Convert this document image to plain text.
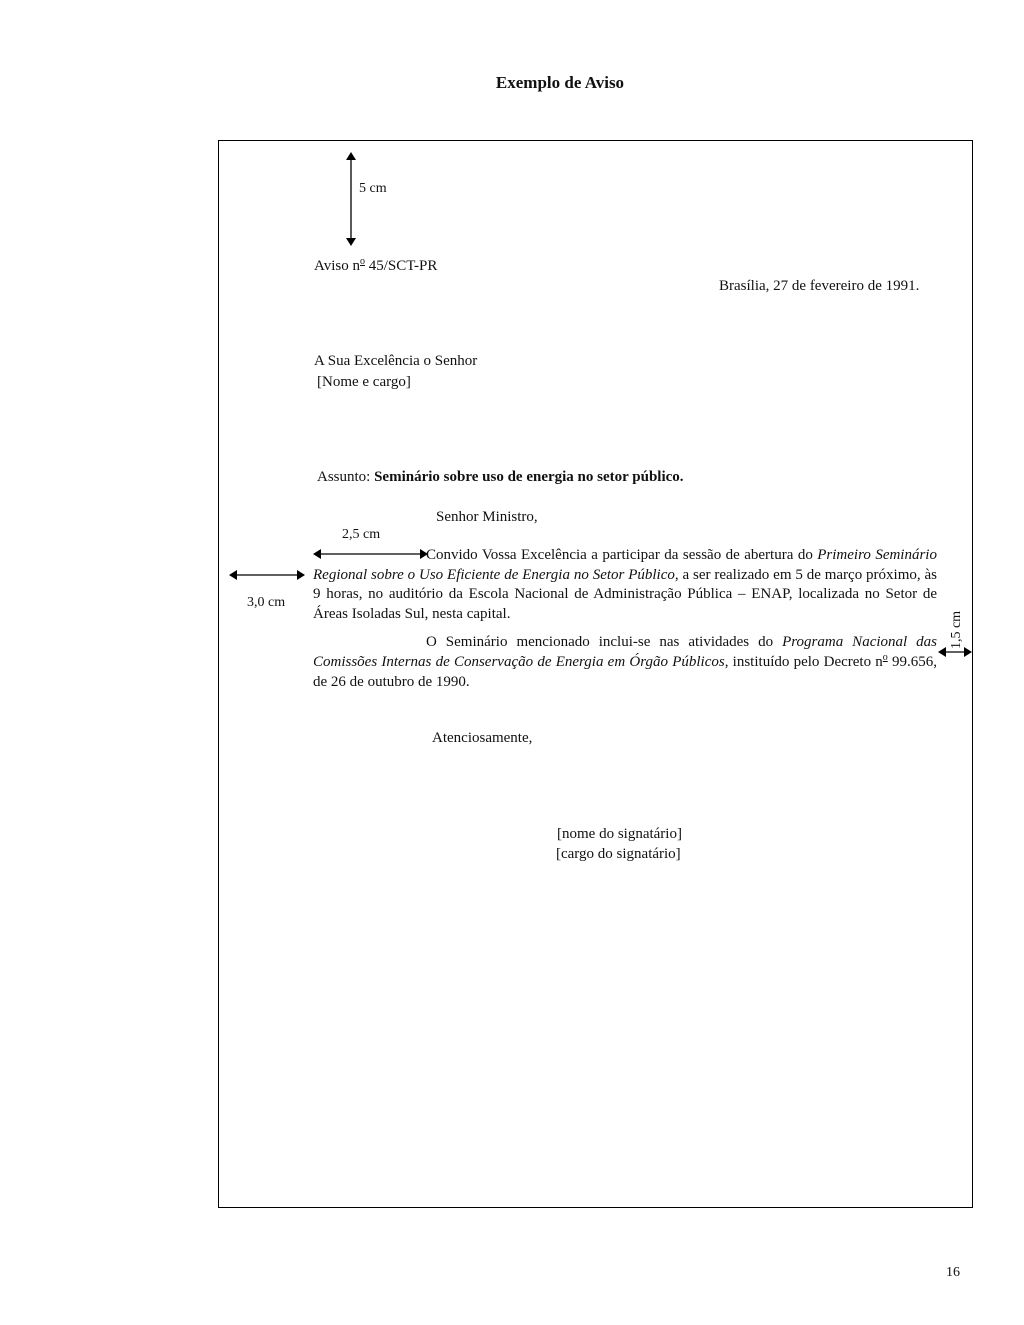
Exemplo de Aviso
5 cm
Aviso $n^o$ 45/SCT-PR
Brasília, 27 de fevereiro de 1991.
A Sua Excelência o Senhor
[Nome e cargo]
Assunto: Seminário sobre uso de energia no setor público.
Senhor Ministro,
2,5 cm
3,0 cm
Convido Vossa Excelência a participar da sessão de abertura do Primeiro Seminário Regional sobre o Uso Eficiente de Energia no Setor Público, a ser realizado em 5 de março próximo, às 9 horas, no auditório da Escola Nacional de Administração Pública – ENAP, localizada no Setor de Áreas Isoladas Sul, nesta capital.
O Seminário mencionado inclui-se nas atividades do Programa Nacional das Comissões Internas de Conservação de Energia em Órgão Públicos, instituído pelo Decreto $n^o$ 99.656, de 26 de outubro de 1990.
1,5 cm
Atenciosamente,
[nome do signatário]
[cargo do signatário]
16
